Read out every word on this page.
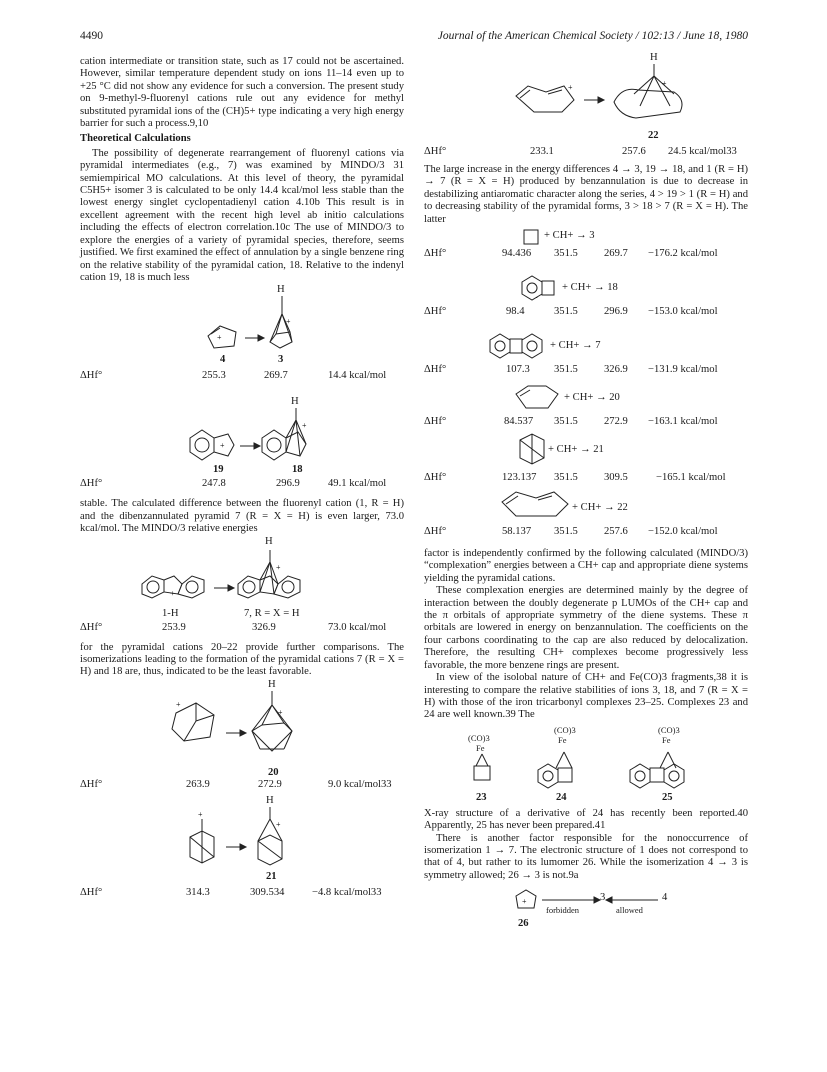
4490	Journal of the American Chemical Society / 102:13 / June 18, 1980

cation intermediate or transition state, such as 17 could not be ascertained. However, similar temperature dependent study on ions 11–14 even up to +25 °C did not show any evidence for such a conversion. The present study on 9-methyl-9-fluorenyl cations rule out any evidence for methyl substituted pyramidal ions of the (CH)5+ type indicating a very high energy barrier for such a process.9,10

Theoretical Calculations

The possibility of degenerate rearrangement of fluorenyl cations via pyramidal intermediates (e.g., 7) was examined by MINDO/3 31 semiempirical MO calculations. At this level of theory, the pyramidal C5H5+ isomer 3 is calculated to be only 14.4 kcal/mol less stable than the lowest energy singlet cyclopentadienyl cation 4.10b This result is in excellent agreement with the recent high level ab initio calculations including the effects of electron correlation.10c The use of MINDO/3 to explore the energies of a variety of pyramidal species, therefore, seems justified. We first examined the effect of annulation by a single benzene ring on the relative stability of the pyramidal cation, 18. Relative to the indenyl cation 19, 18 is much less

+
+
H
4	3
ΔHf°	255.3	269.7	14.4 kcal/mol
+
+
H
19	18
ΔHf°	247.8	296.9	49.1 kcal/mol

stable. The calculated difference between the fluorenyl cation (1, R = H) and the dibenzannulated pyramid 7 (R = X = H) is even larger, 73.0 kcal/mol. The MINDO/3 relative energies

+
+
H
1-H	7, R = X = H
ΔHf°	253.9	326.9	73.0 kcal/mol

for the pyramidal cations 20–22 provide further comparisons. The isomerizations leading to the formation of the pyramidal cations 7 (R = X = H) and 18 are, thus, indicated to be the least favorable.

+
+
H
20
ΔHf°	263.9	272.9	9.0 kcal/mol33
+
+
H
21
ΔHf°	314.3	309.534	−4.8 kcal/mol33
+	+
H
22
ΔHf°	233.1	257.6 24.5 kcal/mol33

The large increase in the energy differences 4 → 3, 19 → 18, and 1 (R = H) → 7 (R = X = H) produced by benzannulation is due to decrease in destabilizing antiaromatic character along the series, 4 > 19 > 1 (R = H) and to decreasing stability of the pyramidal forms, 3 > 18 > 7 (R = X = H). The latter

.
+ CH+ → 3
ΔHf°	94.436 351.5 269.7 −176.2 kcal/mol
+ CH+ → 18
ΔHf°	98.4	351.5 296.9 −153.0 kcal/mol
+ CH+ → 7
ΔHf°	107.3 351.5 326.9 −131.9 kcal/mol
+ CH+ → 20
ΔHf°	84.537 351.5 272.9 −163.1 kcal/mol
+ CH+ → 21
ΔHf°	123.137 351.5 309.5	−165.1 kcal/mol
+ CH+ → 22
ΔHf°	58.137 351.5 257.6 −152.0 kcal/mol

factor is independently confirmed by the following calculated (MINDO/3) “complexation” energies between a CH+ cap and appropriate diene systems yielding the pyramidal cations.

These complexation energies are determined mainly by the degree of interaction between the doubly degenerate p LUMOs of the CH+ cap and the π orbitals of appropriate symmetry of the diene systems. These π orbitals are lowered in energy on benzannulation. The coefficients on the four carbons coordinating to the cap are also reduced by delocalization. Therefore, the resulting CH+ complexes become progressively less favorable, the more benzene rings are present.

In view of the isolobal nature of CH+ and Fe(CO)3 fragments,38 it is interesting to compare the relative stabilities of ions 3, 18, and 7 (R = X = H) with those of the iron tricarbonyl complexes 23–25. Complexes 23 and 24 are well known.39 The

(CO)3
Fe
(CO)3
Fe
(CO)3
Fe
23	24	25

X-ray structure of a derivative of 24 has recently been reported.40 Apparently, 25 has never been prepared.41

There is another factor responsible for the nonoccurrence of isomerization 1 → 7. The electronic structure of 1 does not correspond to that of 4, but rather to its lumomer 26. While the isomerization 4 → 3 is symmetry allowed; 26 → 3 is not.9a

+	3	4
forbidden	allowed
26
